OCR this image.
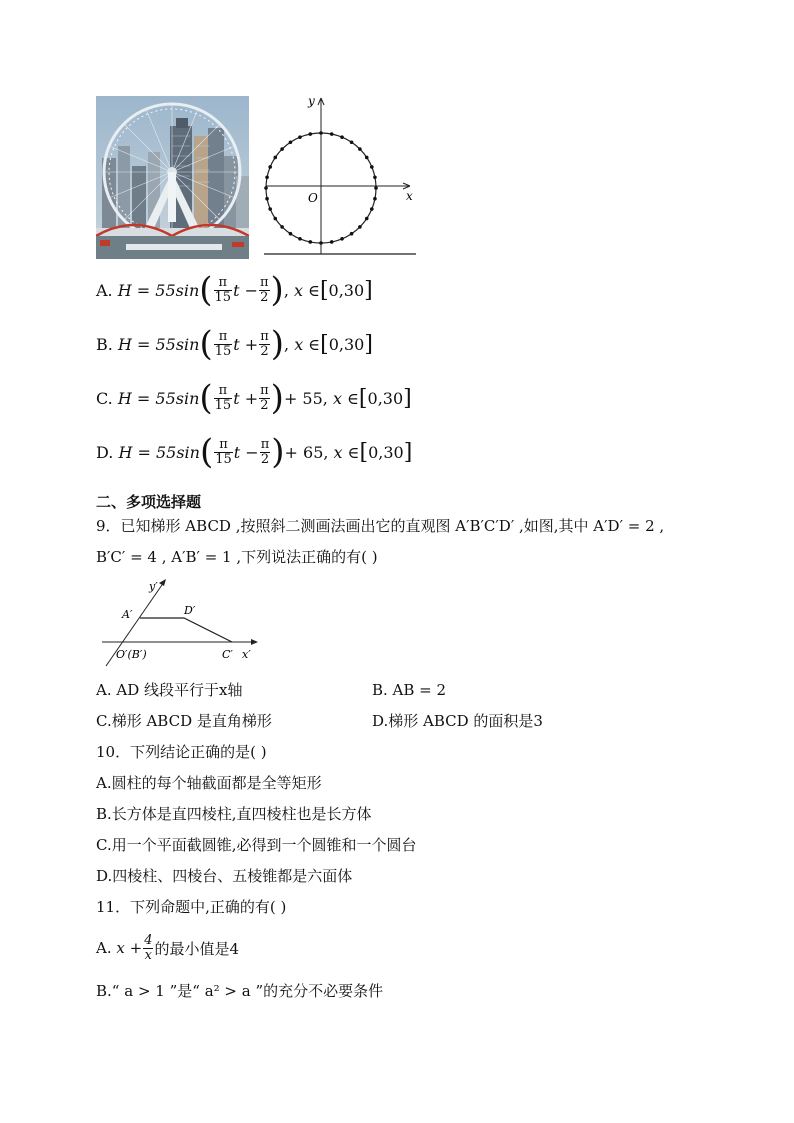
y
x
O
A.
H = 55sin ( $\frac{\pi}{15}$ $t - \frac{\pi}{2}$ ) , x ∈ [ 0,30 ]
B.
H = 55sin ( $\frac{\pi}{15}$ $t + \frac{\pi}{2}$ ) , x ∈ [ 0,30 ]
C.
H = 55sin ( $\frac{\pi}{15}$ $t + \frac{\pi}{2}$ ) + 55 , x ∈ [ 0,30 ]
D.
H = 55sin ( $\frac{\pi}{15}$ $t - \frac{\pi}{2}$ ) + 65 , x ∈ [ 0,30 ]
二、多项选择题
9．已知梯形 ABCD ,按照斜二测画法画出它的直观图 A′B′C′D′ ,如图,其中 A′D′ = 2 ,
B′C′ = 4 , A′B′ = 1 ,下列说法正确的有( )
y′
A′	D′
O′(B′)	C′ x′
A. AD 线段平行于x轴	B. AB = 2
C.梯形 ABCD 是直角梯形	D.梯形 ABCD 的面积是3
10．下列结论正确的是( )
A.圆柱的每个轴截面都是全等矩形
B.长方体是直四棱柱,直四棱柱也是长方体
C.用一个平面截圆锥,必得到一个圆锥和一个圆台
D.四棱柱、四棱台、五棱锥都是六面体
11．下列命题中,正确的有( )
A.
$x + \frac{4}{x}$ 的最小值是4
B.“ a > 1 ”是“ a² > a ”的充分不必要条件
